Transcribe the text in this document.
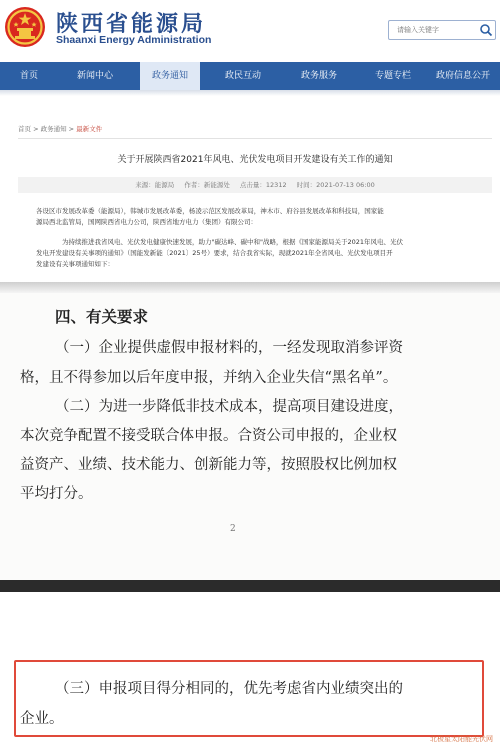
陕西省能源局
Shaanxi Energy Administration
请输入关键字
首页	新闻中心	政务通知	政民互动	政务服务	专题专栏	政府信息公开
首页 > 政务通知 > 最新文件
关于开展陕西省2021年风电、光伏发电项目开发建设有关工作的通知
来源：能源局 作者：新能源处 点击量：12312 时间：2021-07-13 06:00
各设区市发展改革委（能源局），韩城市发展改革委，杨凌示范区发展改革局，神木市、府谷县发展改革和科技局，国家能
源局西北监管局，国网陕西省电力公司，陕西省地方电力（集团）有限公司：
为持续推进我省风电、光伏发电健康快速发展，助力"碳达峰、碳中和"战略，根据《国家能源局关于2021年风电、光伏
发电开发建设有关事项的通知》（国能发新能〔2021〕25号）要求，结合我省实际，现就2021年全省风电、光伏发电项目开
发建设有关事项通知如下：
四、有关要求
（一）企业提供虚假申报材料的，一经发现取消参评资
格，且不得参加以后年度申报，并纳入企业失信“黑名单”。
（二）为进一步降低非技术成本，提高项目建设进度，
本次竞争配置不接受联合体申报。合资公司申报的，企业权
益资产、业绩、技术能力、创新能力等，按照股权比例加权
平均打分。
2
（三）申报项目得分相同的，优先考虑省内业绩突出的
企业。
北极星太阳能光伏网
